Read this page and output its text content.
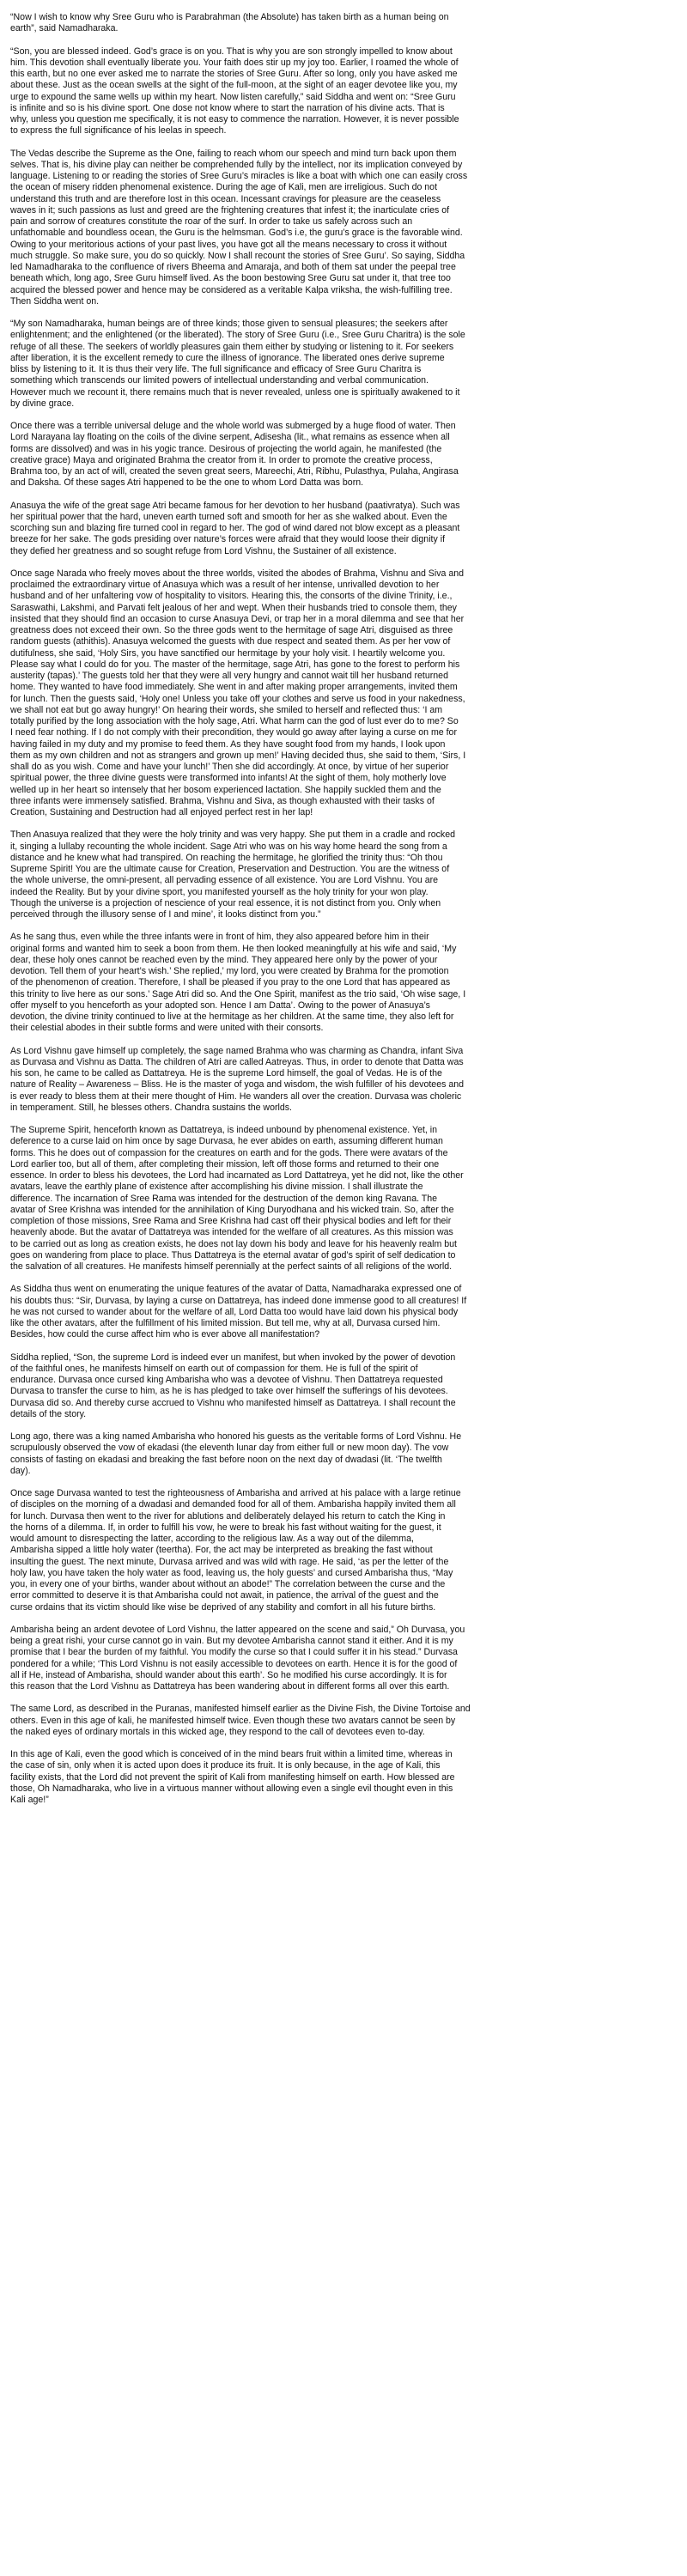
“Now I wish to know why Sree Guru who is Parabrahman (the Absolute) has taken birth as a human being on
earth”, said Namadharaka.

“Son, you are blessed indeed. God’s grace is on you. That is why you are son strongly impelled to know about
him. This devotion shall eventually liberate you. Your faith does stir up my joy too. Earlier, I roamed the whole of
this earth, but no one ever asked me to narrate the stories of Sree Guru. After so long, only you have asked me
about these. Just as the ocean swells at the sight of the full-moon, at the sight of an eager devotee like you, my
urge to expound the same wells up within my heart. Now listen carefully,” said Siddha and went on: “Sree Guru
is infinite and so is his divine sport. One dose not know where to start the narration of his divine acts. That is
why, unless you question me specifically, it is not easy to commence the narration. However, it is never possible
to express the full significance of his leelas in speech.

The Vedas describe the Supreme as the One, failing to reach whom our speech and mind turn back upon them
selves. That is, his divine play can neither be comprehended fully by the intellect, nor its implication conveyed by
language. Listening to or reading the stories of Sree Guru’s miracles is like a boat with which one can easily cross
the ocean of misery ridden phenomenal existence. During the age of Kali, men are irreligious. Such do not
understand this truth and are therefore lost in this ocean. Incessant cravings for pleasure are the ceaseless
waves in it; such passions as lust and greed are the frightening creatures that infest it; the inarticulate cries of
pain and sorrow of creatures constitute the roar of the surf. In order to take us safely across such an
unfathomable and boundless ocean, the Guru is the helmsman. God’s i.e, the guru’s grace is the favorable wind.
Owing to your meritorious actions of your past lives, you have got all the means necessary to cross it without
much struggle. So make sure, you do so quickly. Now I shall recount the stories of Sree Guru’. So saying, Siddha
led Namadharaka to the confluence of rivers Bheema and Amaraja, and both of them sat under the peepal tree
beneath which, long ago, Sree Guru himself lived. As the boon bestowing Sree Guru sat under it, that tree too
acquired the blessed power and hence may be considered as a veritable Kalpa vriksha, the wish-fulfilling tree.
Then Siddha went on.

“My son Namadharaka, human beings are of three kinds; those given to sensual pleasures; the seekers after
enlightenment; and the enlightened (or the liberated). The story of Sree Guru (i.e., Sree Guru Charitra) is the sole
refuge of all these. The seekers of worldly pleasures gain them either by studying or listening to it. For seekers
after liberation, it is the excellent remedy to cure the illness of ignorance. The liberated ones derive supreme
bliss by listening to it. It is thus their very life. The full significance and efficacy of Sree Guru Charitra is
something which transcends our limited powers of intellectual understanding and verbal communication.
However much we recount it, there remains much that is never revealed, unless one is spiritually awakened to it
by divine grace.

Once there was a terrible universal deluge and the whole world was submerged by a huge flood of water. Then
Lord Narayana lay floating on the coils of the divine serpent, Adisesha (lit., what remains as essence when all
forms are dissolved) and was in his yogic trance. Desirous of projecting the world again, he manifested (the
creative grace) Maya and originated Brahma the creator from it. In order to promote the creative process,
Brahma too, by an act of will, created the seven great seers, Mareechi, Atri, Ribhu, Pulasthya, Pulaha, Angirasa
and Daksha. Of these sages Atri happened to be the one to whom Lord Datta was born.

Anasuya the wife of the great sage Atri became famous for her devotion to her husband (paativratya). Such was
her spiritual power that the hard, uneven earth turned soft and smooth for her as she walked about. Even the
scorching sun and blazing fire turned cool in regard to her. The god of wind dared not blow except as a pleasant
breeze for her sake. The gods presiding over nature’s forces were afraid that they would loose their dignity if
they defied her greatness and so sought refuge from Lord Vishnu, the Sustainer of all existence.

Once sage Narada who freely moves about the three worlds, visited the abodes of Brahma, Vishnu and Siva and
proclaimed the extraordinary virtue of Anasuya which was a result of her intense, unrivalled devotion to her
husband and of her unfaltering vow of hospitality to visitors. Hearing this, the consorts of the divine Trinity, i.e.,
Saraswathi, Lakshmi, and Parvati felt jealous of her and wept. When their husbands tried to console them, they
insisted that they should find an occasion to curse Anasuya Devi, or trap her in a moral dilemma and see that her
greatness does not exceed their own. So the three gods went to the hermitage of sage Atri, disguised as three
random guests (athithis). Anasuya welcomed the guests with due respect and seated them. As per her vow of
dutifulness, she said, ‘Holy Sirs, you have sanctified our hermitage by your holy visit. I heartily welcome you.
Please say what I could do for you. The master of the hermitage, sage Atri, has gone to the forest to perform his
austerity (tapas).’ The guests told her that they were all very hungry and cannot wait till her husband returned
home. They wanted to have food immediately. She went in and after making proper arrangements, invited them
for lunch. Then the guests said, ‘Holy one! Unless you take off your clothes and serve us food in your nakedness,
we shall not eat but go away hungry!’ On hearing their words, she smiled to herself and reflected thus: ‘I am
totally purified by the long association with the holy sage, Atri. What harm can the god of lust ever do to me? So
I need fear nothing. If I do not comply with their precondition, they would go away after laying a curse on me for
having failed in my duty and my promise to feed them. As they have sought food from my hands, I look upon
them as my own children and not as strangers and grown up men!’ Having decided thus, she said to them, ‘Sirs, I
shall do as you wish. Come and have your lunch!’ Then she did accordingly. At once, by virtue of her superior
spiritual power, the three divine guests were transformed into infants! At the sight of them, holy motherly love
welled up in her heart so intensely that her bosom experienced lactation. She happily suckled them and the
three infants were immensely satisfied. Brahma, Vishnu and Siva, as though exhausted with their tasks of
Creation, Sustaining and Destruction had all enjoyed perfect rest in her lap!

Then Anasuya realized that they were the holy trinity and was very happy. She put them in a cradle and rocked
it, singing a lullaby recounting the whole incident. Sage Atri who was on his way home heard the song from a
distance and he knew what had transpired. On reaching the hermitage, he glorified the trinity thus: “Oh thou
Supreme Spirit! You are the ultimate cause for Creation, Preservation and Destruction. You are the witness of
the whole universe, the omni-present, all pervading essence of all existence. You are Lord Vishnu. You are
indeed the Reality. But by your divine sport, you manifested yourself as the holy trinity for your won play.
Though the universe is a projection of nescience of your real essence, it is not distinct from you. Only when
perceived through the illusory sense of I and mine’, it looks distinct from you.”

As he sang thus, even while the three infants were in front of him, they also appeared before him in their
original forms and wanted him to seek a boon from them. He then looked meaningfully at his wife and said, ‘My
dear, these holy ones cannot be reached even by the mind. They appeared here only by the power of your
devotion. Tell them of your heart’s wish.’ She replied,’ my lord, you were created by Brahma for the promotion
of the phenomenon of creation. Therefore, I shall be pleased if you pray to the one Lord that has appeared as
this trinity to live here as our sons.’ Sage Atri did so. And the One Spirit, manifest as the trio said, ‘Oh wise sage, I
offer myself to you henceforth as your adopted son. Hence I am Datta’. Owing to the power of Anasuya’s
devotion, the divine trinity continued to live at the hermitage as her children. At the same time, they also left for
their celestial abodes in their subtle forms and were united with their consorts.

As Lord Vishnu gave himself up completely, the sage named Brahma who was charming as Chandra, infant Siva
as Durvasa and Vishnu as Datta. The children of Atri are called Aatreyas. Thus, in order to denote that Datta was
his son, he came to be called as Dattatreya. He is the supreme Lord himself, the goal of Vedas. He is of the
nature of Reality – Awareness – Bliss. He is the master of yoga and wisdom, the wish fulfiller of his devotees and
is ever ready to bless them at their mere thought of Him. He wanders all over the creation. Durvasa was choleric
in temperament. Still, he blesses others. Chandra sustains the worlds.

The Supreme Spirit, henceforth known as Dattatreya, is indeed unbound by phenomenal existence. Yet, in
deference to a curse laid on him once by sage Durvasa, he ever abides on earth, assuming different human
forms. This he does out of compassion for the creatures on earth and for the gods. There were avatars of the
Lord earlier too, but all of them, after completing their mission, left off those forms and returned to their one
essence. In order to bless his devotees, the Lord had incarnated as Lord Dattatreya, yet he did not, like the other
avatars, leave the earthly plane of existence after accomplishing his divine mission. I shall illustrate the
difference. The incarnation of Sree Rama was intended for the destruction of the demon king Ravana. The
avatar of Sree Krishna was intended for the annihilation of King Duryodhana and his wicked train. So, after the
completion of those missions, Sree Rama and Sree Krishna had cast off their physical bodies and left for their
heavenly abode. But the avatar of Dattatreya was intended for the welfare of all creatures. As this mission was
to be carried out as long as creation exists, he does not lay down his body and leave for his heavenly realm but
goes on wandering from place to place. Thus Dattatreya is the eternal avatar of god’s spirit of self dedication to
the salvation of all creatures. He manifests himself perennially at the perfect saints of all religions of the world.

As Siddha thus went on enumerating the unique features of the avatar of Datta, Namadharaka expressed one of
his doubts thus: “Sir, Durvasa, by laying a curse on Dattatreya, has indeed done immense good to all creatures! If
he was not cursed to wander about for the welfare of all, Lord Datta too would have laid down his physical body
like the other avatars, after the fulfillment of his limited mission. But tell me, why at all, Durvasa cursed him.
Besides, how could the curse affect him who is ever above all manifestation?

Siddha replied, “Son, the supreme Lord is indeed ever un manifest, but when invoked by the power of devotion
of the faithful ones, he manifests himself on earth out of compassion for them. He is full of the spirit of
endurance. Durvasa once cursed king Ambarisha who was a devotee of Vishnu. Then Dattatreya requested
Durvasa to transfer the curse to him, as he is has pledged to take over himself the sufferings of his devotees.
Durvasa did so. And thereby curse accrued to Vishnu who manifested himself as Dattatreya. I shall recount the
details of the story.

Long ago, there was a king named Ambarisha who honored his guests as the veritable forms of Lord Vishnu. He
scrupulously observed the vow of ekadasi (the eleventh lunar day from either full or new moon day). The vow
consists of fasting on ekadasi and breaking the fast before noon on the next day of dwadasi (lit. ‘The twelfth
day).

Once sage Durvasa wanted to test the righteousness of Ambarisha and arrived at his palace with a large retinue
of disciples on the morning of a dwadasi and demanded food for all of them. Ambarisha happily invited them all
for lunch. Durvasa then went to the river for ablutions and deliberately delayed his return to catch the King in
the horns of a dilemma. If, in order to fulfill his vow, he were to break his fast without waiting for the guest, it
would amount to disrespecting the latter, according to the religious law. As a way out of the dilemma,
Ambarisha sipped a little holy water (teertha). For, the act may be interpreted as breaking the fast without
insulting the guest. The next minute, Durvasa arrived and was wild with rage. He said, ‘as per the letter of the
holy law, you have taken the holy water as food, leaving us, the holy guests’ and cursed Ambarisha thus, “May
you, in every one of your births, wander about without an abode!” The correlation between the curse and the
error committed to deserve it is that Ambarisha could not await, in patience, the arrival of the guest and the
curse ordains that its victim should like wise be deprived of any stability and comfort in all his future births.

Ambarisha being an ardent devotee of Lord Vishnu, the latter appeared on the scene and said,” Oh Durvasa, you
being a great rishi, your curse cannot go in vain. But my devotee Ambarisha cannot stand it either. And it is my
promise that I bear the burden of my faithful. You modify the curse so that I could suffer it in his stead.” Durvasa
pondered for a while; ‘This Lord Vishnu is not easily accessible to devotees on earth. Hence it is for the good of
all if He, instead of Ambarisha, should wander about this earth’. So he modified his curse accordingly. It is for
this reason that the Lord Vishnu as Dattatreya has been wandering about in different forms all over this earth.

The same Lord, as described in the Puranas, manifested himself earlier as the Divine Fish, the Divine Tortoise and
others. Even in this age of kali, he manifested himself twice. Even though these two avatars cannot be seen by
the naked eyes of ordinary mortals in this wicked age, they respond to the call of devotees even to-day.

In this age of Kali, even the good which is conceived of in the mind bears fruit within a limited time, whereas in
the case of sin, only when it is acted upon does it produce its fruit. It is only because, in the age of Kali, this
facility exists, that the Lord did not prevent the spirit of Kali from manifesting himself on earth. How blessed are
those, Oh Namadharaka, who live in a virtuous manner without allowing even a single evil thought even in this
Kali age!”
